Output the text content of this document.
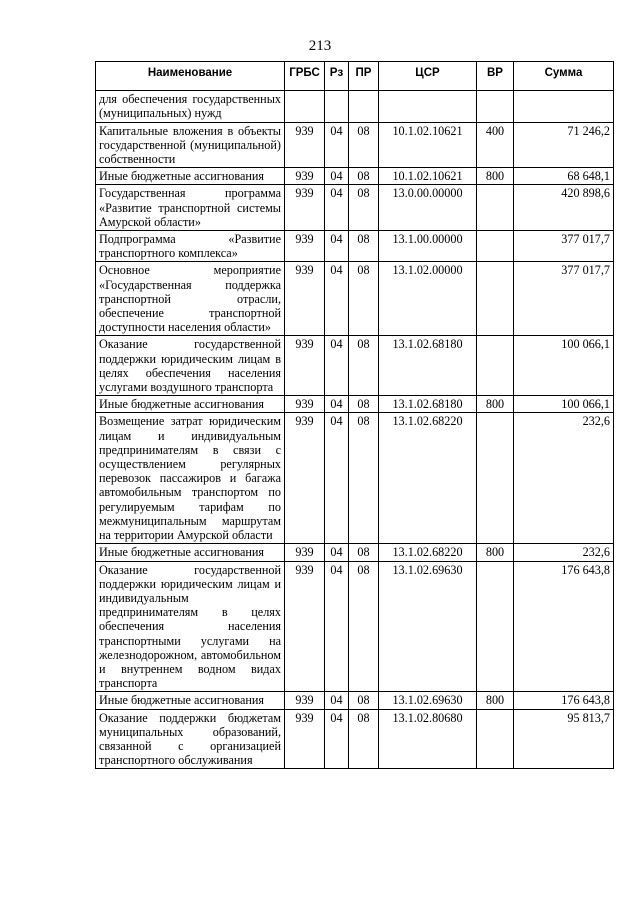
213
Наименование	ГРБС	Рз	ПР	ЦСР	ВР	Сумма
для обеспечения государственных (муниципальных) нужд						
Капитальные вложения в объекты государственной (муниципальной) собственности	939	04	08	10.1.02.10621	400	71 246,2
Иные бюджетные ассигнования	939	04	08	10.1.02.10621	800	68 648,1
Государственная программа «Развитие транспортной системы Амурской области»	939	04	08	13.0.00.00000		420 898,6
Подпрограмма «Развитие транспортного комплекса»	939	04	08	13.1.00.00000		377 017,7
Основное мероприятие «Государственная поддержка транспортной отрасли, обеспечение транспортной доступности населения области»	939	04	08	13.1.02.00000		377 017,7
Оказание государственной поддержки юридическим лицам в целях обеспечения населения услугами воздушного транспорта	939	04	08	13.1.02.68180		100 066,1
Иные бюджетные ассигнования	939	04	08	13.1.02.68180	800	100 066,1
Возмещение затрат юридическим лицам и индивидуальным предпринимателям в связи с осуществлением регулярных перевозок пассажиров и багажа автомобильным транспортом по регулируемым тарифам по межмуниципальным маршрутам на территории Амурской области	939	04	08	13.1.02.68220		232,6
Иные бюджетные ассигнования	939	04	08	13.1.02.68220	800	232,6
Оказание государственной поддержки юридическим лицам и индивидуальным предпринимателям в целях обеспечения населения транспортными услугами на железнодорожном, автомобильном и внутреннем водном видах транспорта	939	04	08	13.1.02.69630		176 643,8
Иные бюджетные ассигнования	939	04	08	13.1.02.69630	800	176 643,8
Оказание поддержки бюджетам муниципальных образований, связанной с организацией транспортного обслуживания	939	04	08	13.1.02.80680		95 813,7
